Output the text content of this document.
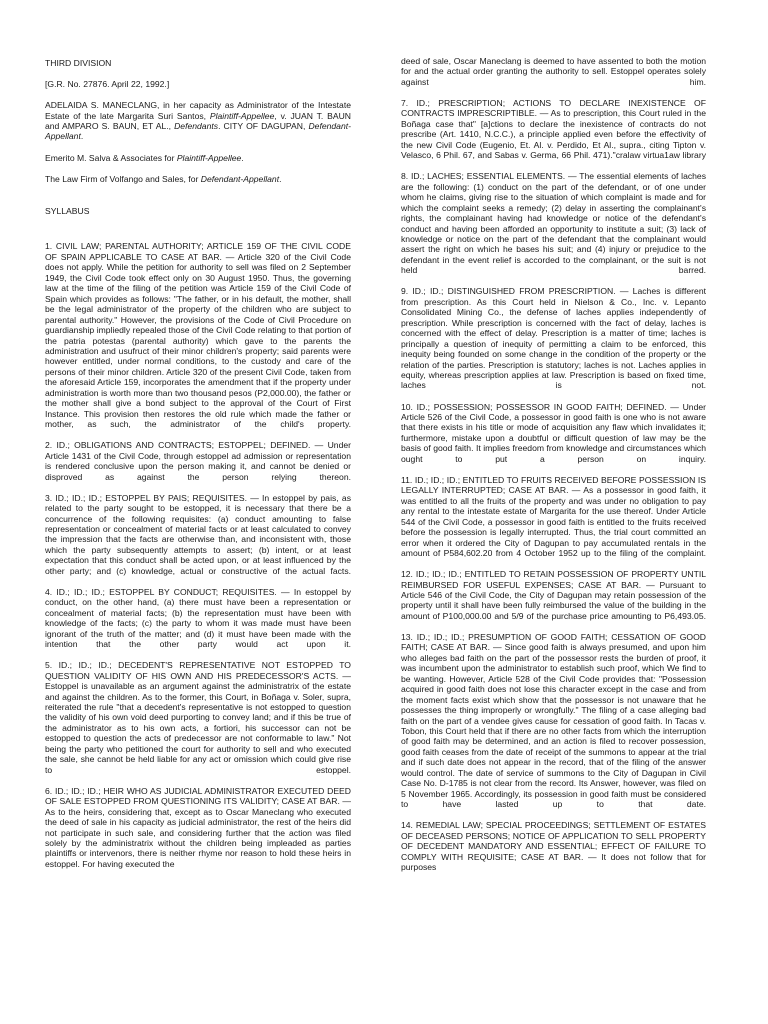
THIRD DIVISION

[G.R. No. 27876. April 22, 1992.]

ADELAIDA S. MANECLANG, in her capacity as Administrator of the Intestate Estate of the late Margarita Suri Santos, Plaintiff-Appellee, v. JUAN T. BAUN and AMPARO S. BAUN, ET AL., Defendants. CITY OF DAGUPAN, Defendant-Appellant.

Emerito M. Salva & Associates for Plaintiff-Appellee.

The Law Firm of Volfango and Sales, for Defendant-Appellant.

SYLLABUS

1. CIVIL LAW; PARENTAL AUTHORITY; ARTICLE 159 OF THE CIVIL CODE OF SPAIN APPLICABLE TO CASE AT BAR. — Article 320 of the Civil Code does not apply. While the petition for authority to sell was filed on 2 September 1949, the Civil Code took effect only on 30 August 1950. Thus, the governing law at the time of the filing of the petition was Article 159 of the Civil Code of Spain which provides as follows: "The father, or in his default, the mother, shall be the legal administrator of the property of the children who are subject to parental authority." However, the provisions of the Code of Civil Procedure on guardianship impliedly repealed those of the Civil Code relating to that portion of the patria potestas (parental authority) which gave to the parents the administration and usufruct of their minor children's property; said parents were however entitled, under normal conditions, to the custody and care of the persons of their minor children. Article 320 of the present Civil Code, taken from the aforesaid Article 159, incorporates the amendment that if the property under administration is worth more than two thousand pesos (P2,000.00), the father or the mother shall give a bond subject to the approval of the Court of First Instance. This provision then restores the old rule which made the father or mother, as such, the administrator of the child's property.

2. ID.; OBLIGATIONS AND CONTRACTS; ESTOPPEL; DEFINED. — Under Article 1431 of the Civil Code, through estoppel ad admission or representation is rendered conclusive upon the person making it, and cannot be denied or disproved as against the person relying thereon.

3. ID.; ID.; ID.; ESTOPPEL BY PAIS; REQUISITES. — In estoppel by pais, as related to the party sought to be estopped, it is necessary that there be a concurrence of the following requisites: (a) conduct amounting to false representation or concealment of material facts or at least calculated to convey the impression that the facts are otherwise than, and inconsistent with, those which the party subsequently attempts to assert; (b) intent, or at least expectation that this conduct shall be acted upon, or at least influenced by the other party; and (c) knowledge, actual or constructive of the actual facts.

4. ID.; ID.; ID.; ESTOPPEL BY CONDUCT; REQUISITES. — In estoppel by conduct, on the other hand, (a) there must have been a representation or concealment of material facts; (b) the representation must have been with knowledge of the facts; (c) the party to whom it was made must have been ignorant of the truth of the matter; and (d) it must have been made with the intention that the other party would act upon it.

5. ID.; ID.; ID.; DECEDENT'S REPRESENTATIVE NOT ESTOPPED TO QUESTION VALIDITY OF HIS OWN AND HIS PREDECESSOR'S ACTS. — Estoppel is unavailable as an argument against the administratrix of the estate and against the children. As to the former, this Court, in Boñaga v. Soler, supra, reiterated the rule "that a decedent's representative is not estopped to question the validity of his own void deed purporting to convey land; and if this be true of the administrator as to his own acts, a fortiori, his successor can not be estopped to question the acts of predecessor are not conformable to law." Not being the party who petitioned the court for authority to sell and who executed the sale, she cannot be held liable for any act or omission which could give rise to estoppel.

6. ID.; ID.; ID.; HEIR WHO AS JUDICIAL ADMINISTRATOR EXECUTED DEED OF SALE ESTOPPED FROM QUESTIONING ITS VALIDITY; CASE AT BAR. — As to the heirs, considering that, except as to Oscar Maneclang who executed the deed of sale in his capacity as judicial administrator, the rest of the heirs did not participate in such sale, and considering further that the action was filed solely by the administratrix without the children being impleaded as parties plaintiffs or intervenors, there is neither rhyme nor reason to hold these heirs in estoppel. For having executed the

deed of sale, Oscar Maneclang is deemed to have assented to both the motion for and the actual order granting the authority to sell. Estoppel operates solely against him.

7. ID.; PRESCRIPTION; ACTIONS TO DECLARE INEXISTENCE OF CONTRACTS IMPRESCRIPTIBLE. — As to prescription, this Court ruled in the Boñaga case that" [a]ctions to declare the inexistence of contracts do not prescribe (Art. 1410, N.C.C.), a principle applied even before the effectivity of the new Civil Code (Eugenio, Et. Al. v. Perdido, Et Al., supra., citing Tipton v. Velasco, 6 Phil. 67, and Sabas v. Germa, 66 Phil. 471)."cralaw virtua1aw library

8. ID.; LACHES; ESSENTIAL ELEMENTS. — The essential elements of laches are the following: (1) conduct on the part of the defendant, or of one under whom he claims, giving rise to the situation of which complaint is made and for which the complaint seeks a remedy; (2) delay in asserting the complainant's rights, the complainant having had knowledge or notice of the defendant's conduct and having been afforded an opportunity to institute a suit; (3) lack of knowledge or notice on the part of the defendant that the complainant would assert the right on which he bases his suit; and (4) injury or prejudice to the defendant in the event relief is accorded to the complainant, or the suit is not held barred.

9. ID.; ID.; DISTINGUISHED FROM PRESCRIPTION. — Laches is different from prescription. As this Court held in Nielson & Co., Inc. v. Lepanto Consolidated Mining Co., the defense of laches applies independently of prescription. While prescription is concerned with the fact of delay, laches is concerned with the effect of delay. Prescription is a matter of time; laches is principally a question of inequity of permitting a claim to be enforced, this inequity being founded on some change in the condition of the property or the relation of the parties. Prescription is statutory; laches is not. Laches applies in equity, whereas prescription applies at law. Prescription is based on fixed time, laches is not.

10. ID.; POSSESSION; POSSESSOR IN GOOD FAITH; DEFINED. — Under Article 526 of the Civil Code, a possessor in good faith is one who is not aware that there exists in his title or mode of acquisition any flaw which invalidates it; furthermore, mistake upon a doubtful or difficult question of law may be the basis of good faith. It implies freedom from knowledge and circumstances which ought to put a person on inquiry.

11. ID.; ID.; ID.; ENTITLED TO FRUITS RECEIVED BEFORE POSSESSION IS LEGALLY INTERRUPTED; CASE AT BAR. — As a possessor in good faith, it was entitled to all the fruits of the property and was under no obligation to pay any rental to the intestate estate of Margarita for the use thereof. Under Article 544 of the Civil Code, a possessor in good faith is entitled to the fruits received before the possession is legally interrupted. Thus, the trial court committed an error when it ordered the City of Dagupan to pay accumulated rentals in the amount of P584,602.20 from 4 October 1952 up to the filing of the complaint.

12. ID.; ID.; ID.; ENTITLED TO RETAIN POSSESSION OF PROPERTY UNTIL REIMBURSED FOR USEFUL EXPENSES; CASE AT BAR. — Pursuant to Article 546 of the Civil Code, the City of Dagupan may retain possession of the property until it shall have been fully reimbursed the value of the building in the amount of P100,000.00 and 5/9 of the purchase price amounting to P6,493.05.

13. ID.; ID.; ID.; PRESUMPTION OF GOOD FAITH; CESSATION OF GOOD FAITH; CASE AT BAR. — Since good faith is always presumed, and upon him who alleges bad faith on the part of the possessor rests the burden of proof, it was incumbent upon the administrator to establish such proof, which We find to be wanting. However, Article 528 of the Civil Code provides that: "Possession acquired in good faith does not lose this character except in the case and from the moment facts exist which show that the possessor is not unaware that he possesses the thing improperly or wrongfully." The filing of a case alleging bad faith on the part of a vendee gives cause for cessation of good faith. In Tacas v. Tobon, this Court held that if there are no other facts from which the interruption of good faith may be determined, and an action is filed to recover possession, good faith ceases from the date of receipt of the summons to appear at the trial and if such date does not appear in the record, that of the filing of the answer would control. The date of service of summons to the City of Dagupan in Civil Case No. D-1785 is not clear from the record. Its Answer, however, was filed on 5 November 1965. Accordingly, its possession in good faith must be considered to have lasted up to that date.

14. REMEDIAL LAW; SPECIAL PROCEEDINGS; SETTLEMENT OF ESTATES OF DECEASED PERSONS; NOTICE OF APPLICATION TO SELL PROPERTY OF DECEDENT MANDATORY AND ESSENTIAL; EFFECT OF FAILURE TO COMPLY WITH REQUISITE; CASE AT BAR. — It does not follow that for purposes
